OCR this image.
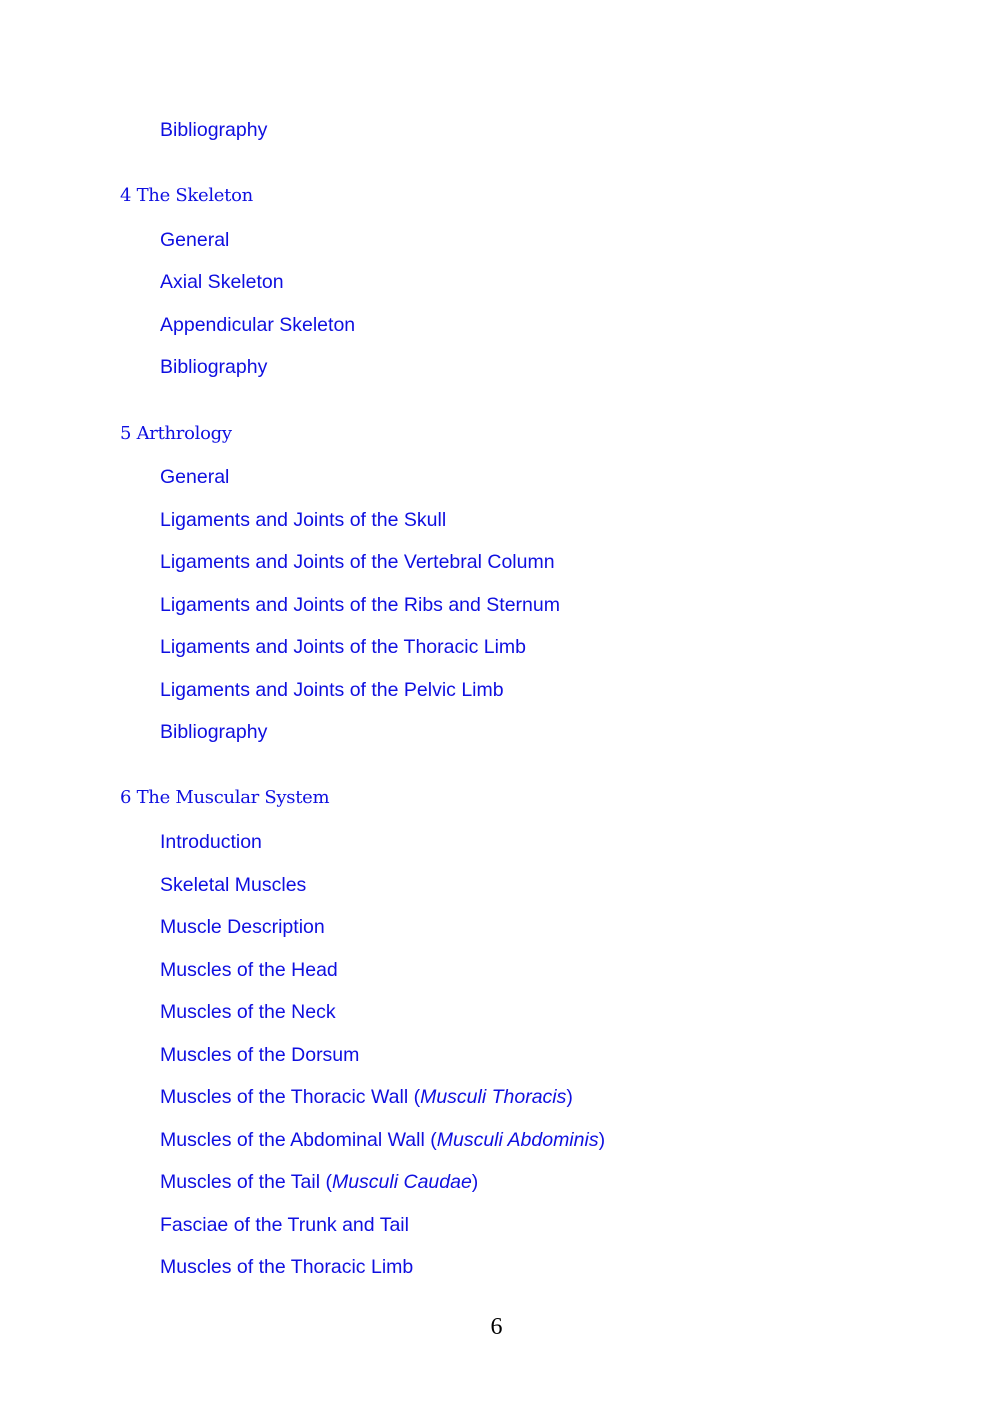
Bibliography
4 The Skeleton
General
Axial Skeleton
Appendicular Skeleton
Bibliography
5 Arthrology
General
Ligaments and Joints of the Skull
Ligaments and Joints of the Vertebral Column
Ligaments and Joints of the Ribs and Sternum
Ligaments and Joints of the Thoracic Limb
Ligaments and Joints of the Pelvic Limb
Bibliography
6 The Muscular System
Introduction
Skeletal Muscles
Muscle Description
Muscles of the Head
Muscles of the Neck
Muscles of the Dorsum
Muscles of the Thoracic Wall (Musculi Thoracis)
Muscles of the Abdominal Wall (Musculi Abdominis)
Muscles of the Tail (Musculi Caudae)
Fasciae of the Trunk and Tail
Muscles of the Thoracic Limb
6
